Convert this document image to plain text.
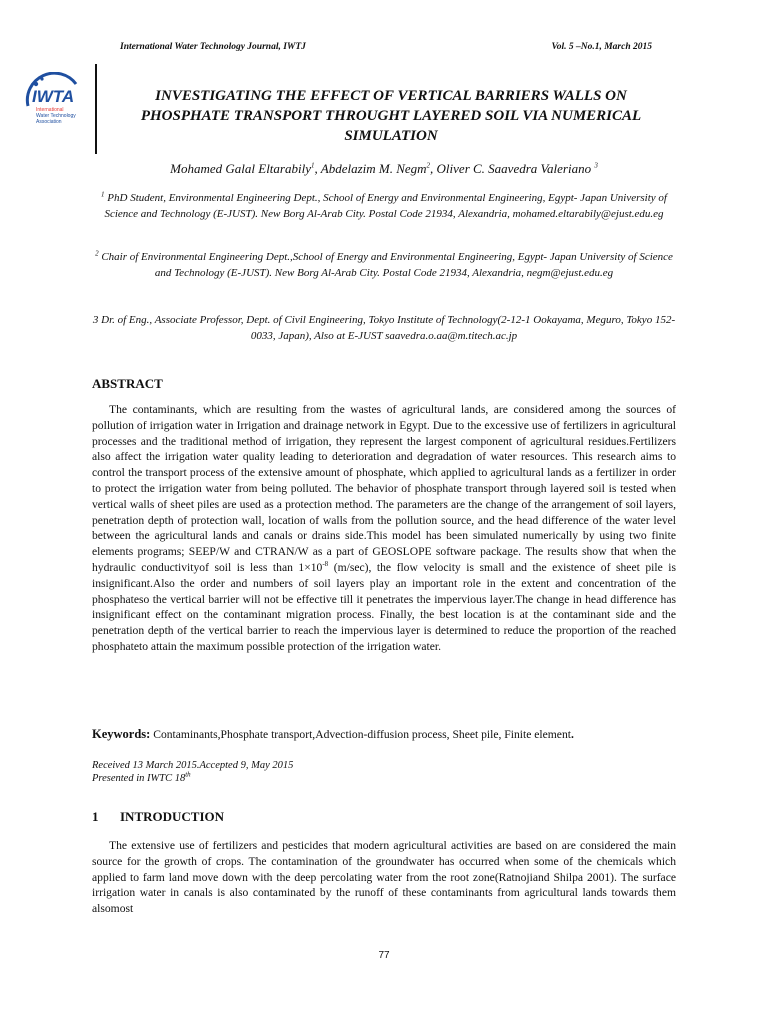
International Water Technology Journal, IWTJ	Vol. 5 –No.1, March 2015
IWTA
International
Water Technology
Association
INVESTIGATING THE EFFECT OF VERTICAL BARRIERS WALLS ON PHOSPHATE TRANSPORT THROUGHT LAYERED SOIL VIA NUMERICAL SIMULATION
Mohamed Galal Eltarabily$^1$, Abdelazim M. Negm$^2$, Oliver C. Saavedra Valeriano $^3$
$^1$ PhD Student, Environmental Engineering Dept., School of Energy and Environmental Engineering, Egypt- Japan University of Science and Technology (E-JUST). New Borg Al-Arab City. Postal Code 21934, Alexandria, mohamed.eltarabily@ejust.edu.eg
$^2$ Chair of Environmental Engineering Dept.,School of Energy and Environmental Engineering, Egypt- Japan University of Science and Technology (E-JUST). New Borg Al-Arab City. Postal Code 21934, Alexandria, negm@ejust.edu.eg
3 Dr. of Eng., Associate Professor, Dept. of Civil Engineering, Tokyo Institute of Technology(2-12-1 Ookayama, Meguro, Tokyo 152-0033, Japan), Also at E-JUST saavedra.o.aa@m.titech.ac.jp
ABSTRACT
The contaminants, which are resulting from the wastes of agricultural lands, are considered among the sources of pollution of irrigation water in Irrigation and drainage network in Egypt. Due to the excessive use of fertilizers in agricultural processes and the traditional method of irrigation, they represent the largest component of agricultural residues.Fertilizers also affect the irrigation water quality leading to deterioration and degradation of water resources. This research aims to control the transport process of the extensive amount of phosphate, which applied to agricultural lands as a fertilizer in order to protect the irrigation water from being polluted. The behavior of phosphate transport through layered soil is tested when vertical walls of sheet piles are used as a protection method. The parameters are the change of the arrangement of soil layers, penetration depth of protection wall, location of walls from the pollution source, and the head difference of the water level between the agricultural lands and canals or drains side.This model has been simulated numerically by using two finite elements programs; SEEP/W and CTRAN/W as a part of GEOSLOPE software package. The results show that when the hydraulic conductivityof soil is less than $1\times 10^{-8}$ (m/sec), the flow velocity is small and the existence of sheet pile is insignificant.Also the order and numbers of soil layers play an important role in the extent and concentration of the phosphateso the vertical barrier will not be effective till it penetrates the impervious layer.The change in head difference has insignificant effect on the contaminant migration process. Finally, the best location is at the contaminant side and the penetration depth of the vertical barrier to reach the impervious layer is determined to reduce the proportion of the reached phosphateto attain the maximum possible protection of the irrigation water.
Keywords: Contaminants,Phosphate transport,Advection-diffusion process, Sheet pile, Finite element.
Received 13 March 2015.Accepted 9, May 2015
Presented in IWTC 18th
1 INTRODUCTION
The extensive use of fertilizers and pesticides that modern agricultural activities are based on are considered the main source for the growth of crops. The contamination of the groundwater has occurred when some of the chemicals which applied to farm land move down with the deep percolating water from the root zone(Ratnojiand Shilpa 2001). The surface irrigation water in canals is also contaminated by the runoff of these contaminants from agricultural lands towards them alsomost
77
